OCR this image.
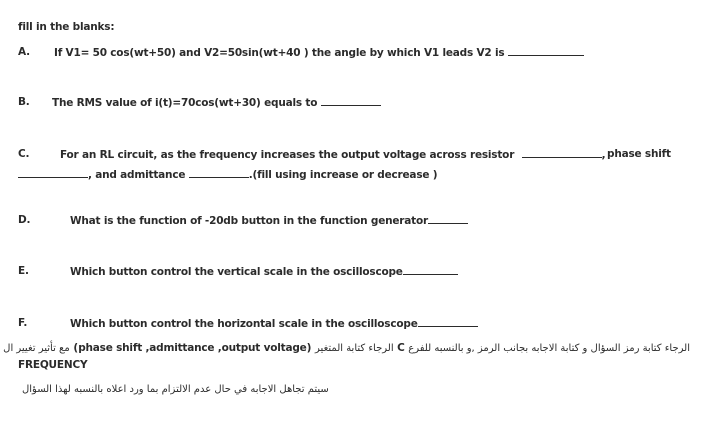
fill in the blanks:
A. If V1= 50 cos(wt+50) and V2=50sin(wt+40 ) the angle by which V1 leads V2 is
B. The RMS value of i(t)=70cos(wt+30) equals to
C.	For an RL circuit, as the frequency increases the output voltage across resistor	, phase shift
, and admittance	.(fill using increase or decrease )
D.	What is the function of -20db button in the function generator
E.	Which button control the vertical scale in the oscilloscope
F.	Which button control the horizontal scale in the oscilloscope
الرجاء كتابة رمز السؤال و كتابة الاجابه بجانب الرمز ,و بالنسبه للفرع C الرجاء كتابة المتغير (phase shift ,admittance ,output voltage) مع تأثير تغيير ال
FREQUENCY
سيتم تجاهل الاجابه في حال عدم الالتزام بما ورد اعلاه بالنسبه لهذا السؤال
